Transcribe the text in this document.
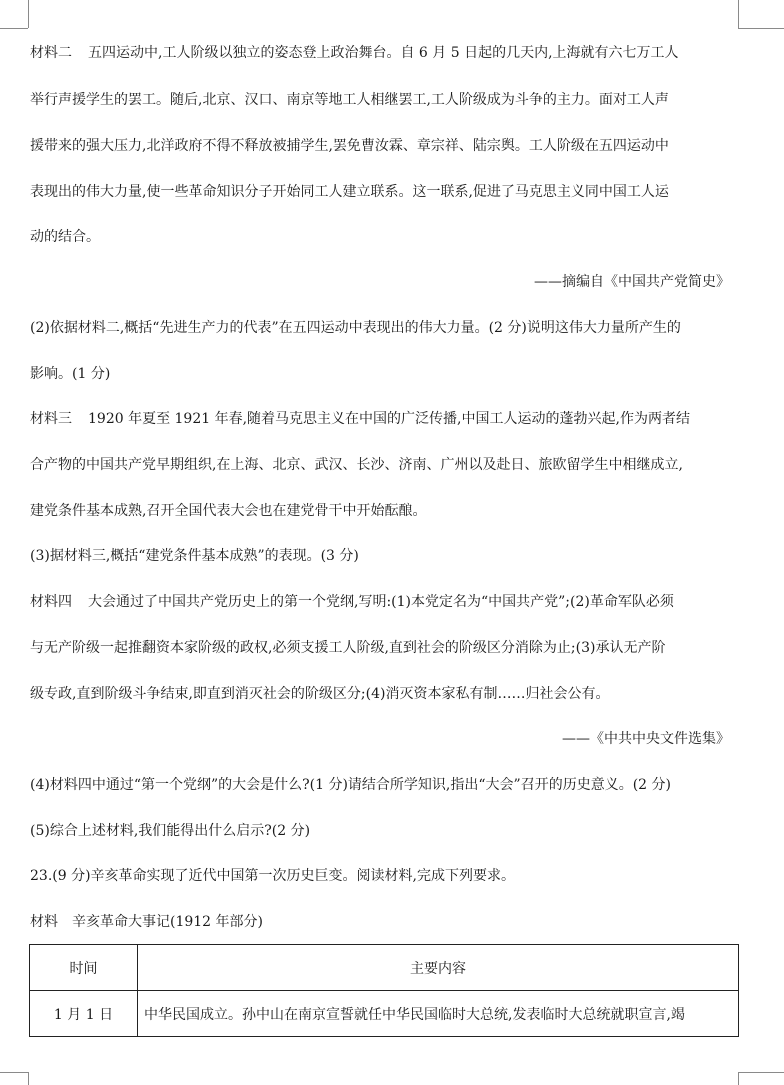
材料二 五四运动中,工人阶级以独立的姿态登上政治舞台。自 6 月 5 日起的几天内,上海就有六七万工人
举行声援学生的罢工。随后,北京、汉口、南京等地工人相继罢工,工人阶级成为斗争的主力。面对工人声
援带来的强大压力,北洋政府不得不释放被捕学生,罢免曹汝霖、章宗祥、陆宗舆。工人阶级在五四运动中
表现出的伟大力量,使一些革命知识分子开始同工人建立联系。这一联系,促进了马克思主义同中国工人运
动的结合。
——摘编自《中国共产党简史》
(2)依据材料二,概括“先进生产力的代表”在五四运动中表现出的伟大力量。(2 分)说明这伟大力量所产生的
影响。(1 分)
材料三 1920 年夏至 1921 年春,随着马克思主义在中国的广泛传播,中国工人运动的蓬勃兴起,作为两者结
合产物的中国共产党早期组织,在上海、北京、武汉、长沙、济南、广州以及赴日、旅欧留学生中相继成立,
建党条件基本成熟,召开全国代表大会也在建党骨干中开始酝酿。
(3)据材料三,概括“建党条件基本成熟”的表现。(3 分)
材料四 大会通过了中国共产党历史上的第一个党纲,写明:(1)本党定名为“中国共产党”;(2)革命军队必须
与无产阶级一起推翻资本家阶级的政权,必须支援工人阶级,直到社会的阶级区分消除为止;(3)承认无产阶
级专政,直到阶级斗争结束,即直到消灭社会的阶级区分;(4)消灭资本家私有制……归社会公有。
——《中共中央文件选集》
(4)材料四中通过“第一个党纲”的大会是什么?(1 分)请结合所学知识,指出“大会”召开的历史意义。(2 分)
(5)综合上述材料,我们能得出什么启示?(2 分)
23.(9 分)辛亥革命实现了近代中国第一次历史巨变。阅读材料,完成下列要求。
材料　辛亥革命大事记(1912 年部分)
时间	主要内容
1 月 1 日	中华民国成立。孙中山在南京宣誓就任中华民国临时大总统,发表临时大总统就职宣言,竭
